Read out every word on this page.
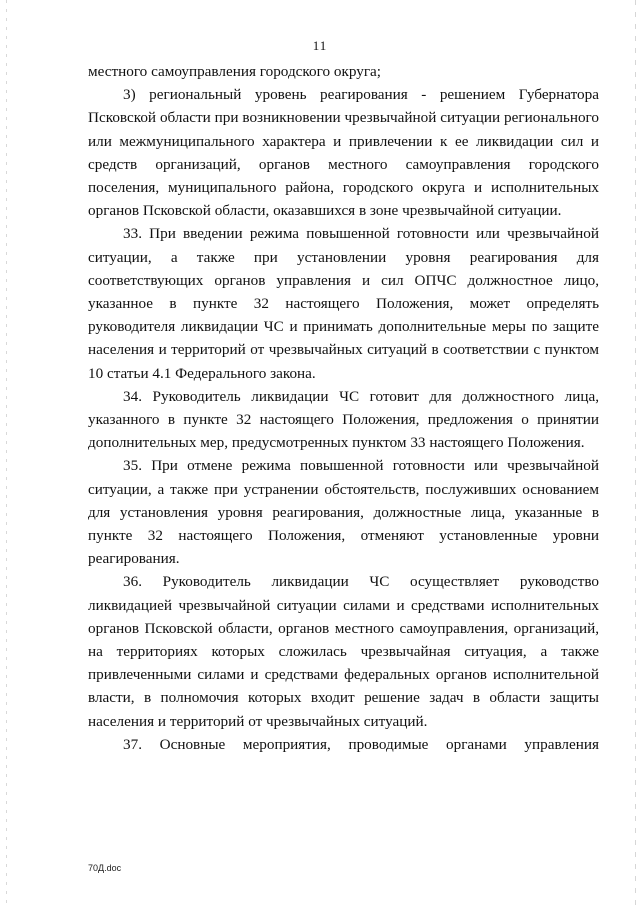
11

местного самоуправления городского округа;

3) региональный уровень реагирования - решением Губернатора Псковской области при возникновении чрезвычайной ситуации регионального или межмуниципального характера и привлечении к ее ликвидации сил и средств организаций, органов местного самоуправления городского поселения, муниципального района, городского округа и исполнительных органов Псковской области, оказавшихся в зоне чрезвычайной ситуации.

33. При введении режима повышенной готовности или чрезвычайной ситуации, а также при установлении уровня реагирования для соответствующих органов управления и сил ОПЧС должностное лицо, указанное в пункте 32 настоящего Положения, может определять руководителя ликвидации ЧС и принимать дополнительные меры по защите населения и территорий от чрезвычайных ситуаций в соответствии с пунктом 10 статьи 4.1 Федерального закона.

34. Руководитель ликвидации ЧС готовит для должностного лица, указанного в пункте 32 настоящего Положения, предложения о принятии дополнительных мер, предусмотренных пунктом 33 настоящего Положения.

35. При отмене режима повышенной готовности или чрезвычайной ситуации, а также при устранении обстоятельств, послуживших основанием для установления уровня реагирования, должностные лица, указанные в пункте 32 настоящего Положения, отменяют установленные уровни реагирования.

36. Руководитель ликвидации ЧС осуществляет руководство ликвидацией чрезвычайной ситуации силами и средствами исполнительных органов Псковской области, органов местного самоуправления, организаций, на территориях которых сложилась чрезвычайная ситуация, а также привлеченными силами и средствами федеральных органов исполнительной власти, в полномочия которых входит решение задач в области защиты населения и территорий от чрезвычайных ситуаций.

37. Основные мероприятия, проводимые органами управления

70Д.doc
